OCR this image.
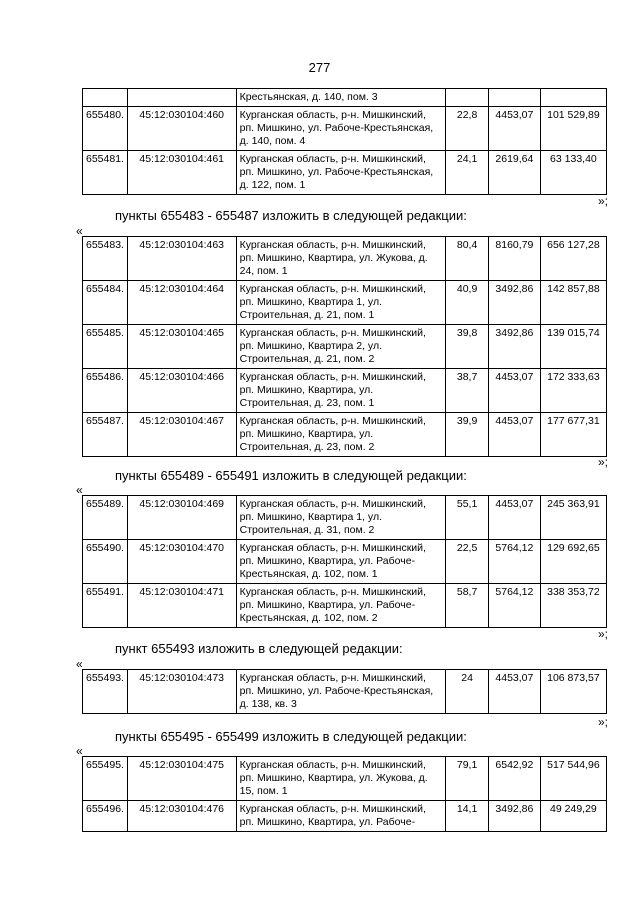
277
		Крестьянская, д. 140, пом. 3			
655480.	45:12:030104:460	Курганская область, р-н. Мишкинский, рп. Мишкино, ул. Рабоче-Крестьянская, д. 140, пом. 4	22,8	4453,07	101 529,89
655481.	45:12:030104:461	Курганская область, р-н. Мишкинский, рп. Мишкино, ул. Рабоче-Крестьянская, д. 122, пом. 1	24,1	2619,64	63 133,40
»;
пункты 655483 - 655487 изложить в следующей редакции:
«
655483.	45:12:030104:463	Курганская область, р-н. Мишкинский, рп. Мишкино, Квартира, ул. Жукова, д. 24, пом. 1	80,4	8160,79	656 127,28
655484.	45:12:030104:464	Курганская область, р-н. Мишкинский, рп. Мишкино, Квартира 1, ул. Строительная, д. 21, пом. 1	40,9	3492,86	142 857,88
655485.	45:12:030104:465	Курганская область, р-н. Мишкинский, рп. Мишкино, Квартира 2, ул. Строительная, д. 21, пом. 2	39,8	3492,86	139 015,74
655486.	45:12:030104:466	Курганская область, р-н. Мишкинский, рп. Мишкино, Квартира, ул. Строительная, д. 23, пом. 1	38,7	4453,07	172 333,63
655487.	45:12:030104:467	Курганская область, р-н. Мишкинский, рп. Мишкино, Квартира, ул. Строительная, д. 23, пом. 2	39,9	4453,07	177 677,31
»;
пункты 655489 - 655491 изложить в следующей редакции:
«
655489.	45:12:030104:469	Курганская область, р-н. Мишкинский, рп. Мишкино, Квартира 1, ул. Строительная, д. 31, пом. 2	55,1	4453,07	245 363,91
655490.	45:12:030104:470	Курганская область, р-н. Мишкинский, рп. Мишкино, Квартира, ул. Рабоче-Крестьянская, д. 102, пом. 1	22,5	5764,12	129 692,65
655491.	45:12:030104:471	Курганская область, р-н. Мишкинский, рп. Мишкино, Квартира, ул. Рабоче-Крестьянская, д. 102, пом. 2	58,7	5764,12	338 353,72
»;
пункт 655493 изложить в следующей редакции:
«
655493.	45:12:030104:473	Курганская область, р-н. Мишкинский, рп. Мишкино, ул. Рабоче-Крестьянская, д. 138, кв. 3	24	4453,07	106 873,57
»;
пункты 655495 - 655499 изложить в следующей редакции:
«
655495.	45:12:030104:475	Курганская область, р-н. Мишкинский, рп. Мишкино, Квартира, ул. Жукова, д. 15, пом. 1	79,1	6542,92	517 544,96
655496.	45:12:030104:476	Курганская область, р-н. Мишкинский, рп. Мишкино, Квартира, ул. Рабоче-	14,1	3492,86	49 249,29
